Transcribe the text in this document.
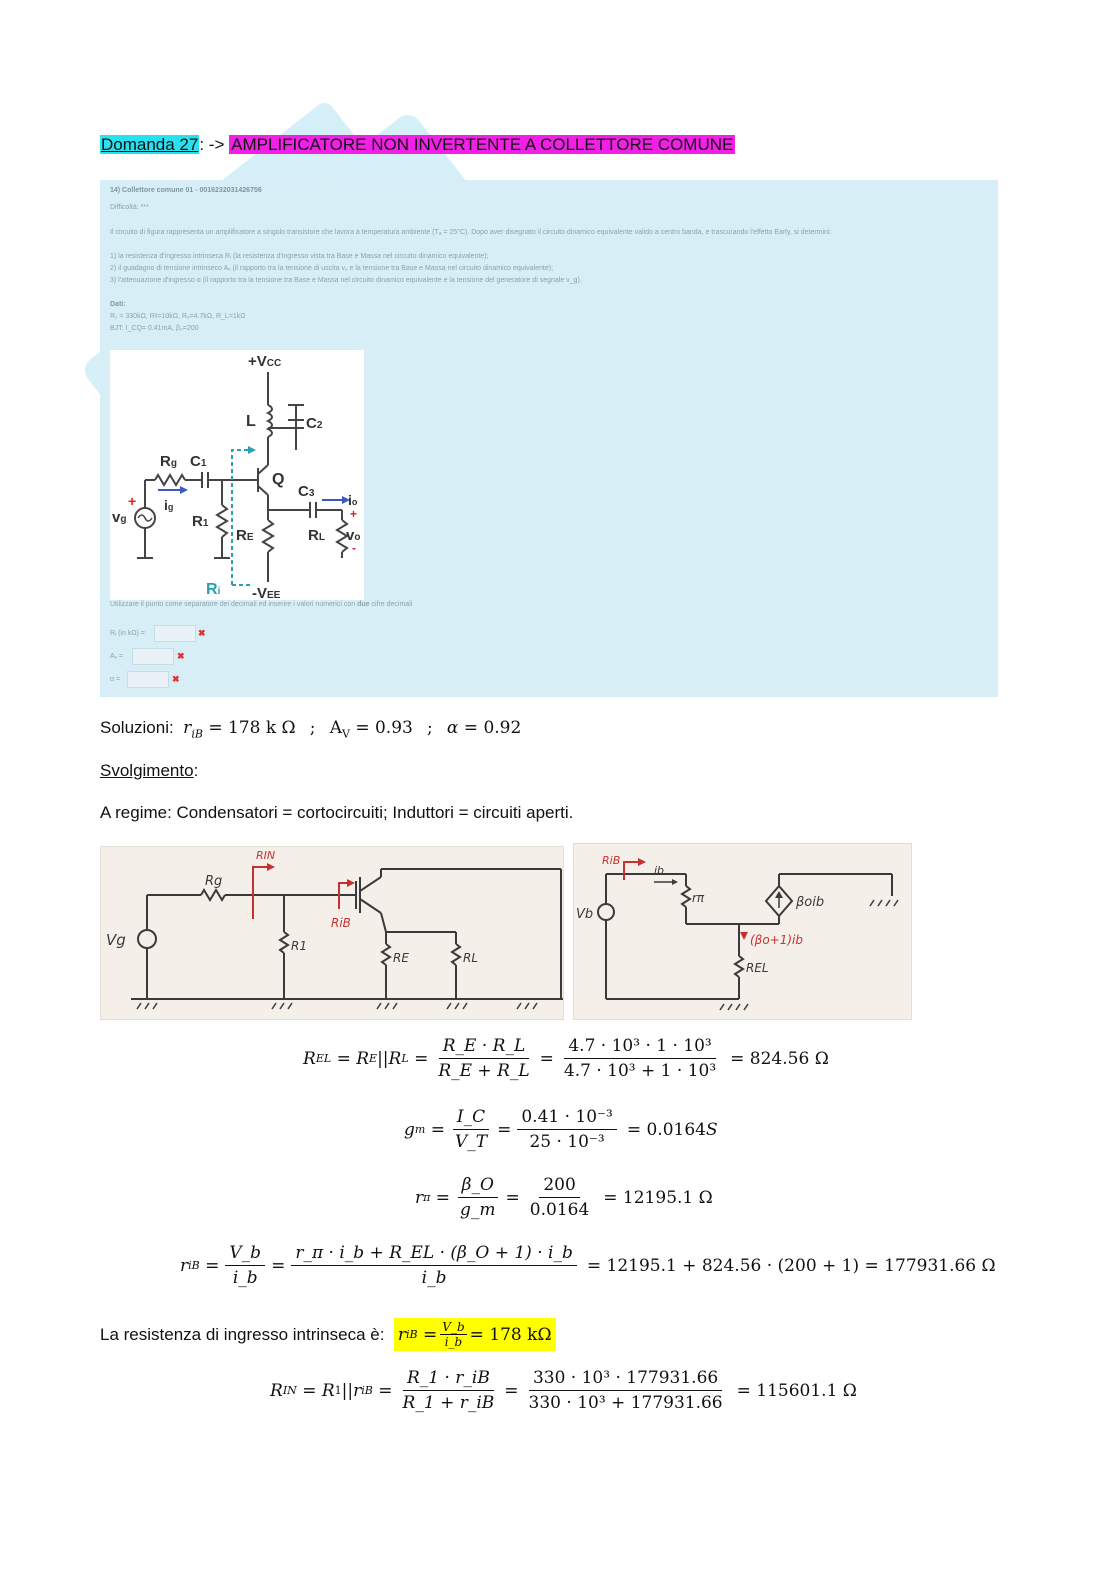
Domanda 27: -> AMPLIFICATORE NON INVERTENTE A COLLETTORE COMUNE
14) Collettore comune 01 - 0016232031426756
Difficoltà: ***
Il circuito di figura rappresenta un amplificatore a singolo transistore che lavora a temperatura ambiente (Tₐ = 25°C). Dopo aver disegnato il circuito dinamico equivalente valido a centro banda, e trascurando l'effetto Early, si determini:
1) la resistenza d'ingresso intrinseca Rᵢ (la resistenza d'ingresso vista tra Base e Massa nel circuito dinamico equivalente);
2) il guadagno di tensione intrinseco Aᵥ (il rapporto tra la tensione di uscita vₒ e la tensione tra Base e Massa nel circuito dinamico equivalente);
3) l'attenuazione d'ingresso α (il rapporto tra la tensione tra Base e Massa nel circuito dinamico equivalente e la tensione del generatore di segnale v_g).
Dati:
R₁ = 330kΩ, Rᵍ=10kΩ, Rₑ=4.7kΩ, R_L=1kΩ
BJT: I_CQ= 0.41mA, β₀=200
+VCC
L	C2
Rg C1
Q
C3 io
ig
vg	R1
RE	RL vo
-VEE
Ri
+
+
-
Utilizzare il punto come separatore dei decimali ed inserire i valori numerici con due cifre decimali
Rᵢ (in kΩ) =	✖
Aᵥ =	✖
α =	✖
Soluzioni: $r_{iB} = 178$ k Ω ; $A_V = 0.93$ ; α = 0.92
Svolgimento:
A regime: Condensatori = cortocircuiti; Induttori = circuiti aperti.
Vg
Rg
R1
RE	RL
RIN
RiB
Vb
ib
rπ	βoib
REL
RiB
(βo+1)ib
R EL
=
R E || R L
= $\frac{R\_E \cdot R\_L}{R\_E + R\_L} = \frac{\text{4.7 · 10³ · 1 · 10³}}{\text{4.7 · 10³ + 1 · 10³}} = 824.56$ Ω
g m
= $\frac{I\_C}{V\_T} = \frac{\text{0.41 · 10⁻³}}{\text{25 · 10⁻³}} = 0.0164$ S
r π
= $\frac{\beta\_O}{g\_m} = \frac{200}{0.0164} = 12195.1$ Ω
r iB
= $\frac{V\_b}{i\_b} = \frac{r\_\pi \cdot i\_b + R\_EL \cdot (\beta\_O + 1) \cdot i\_b}{i\_b} = 12195.1 + 824.56 \cdot (200 + 1) = 177931.66$ Ω
La resistenza di ingresso intrinseca è:
r iB
= $\frac{V\_b}{i\_b} = 178$ kΩ
R IN
=
R 1 || r iB
= $\frac{R\_1 \cdot r\_iB}{R\_1 + r\_iB} = \frac{\text{330 · 10³ · 177931.66}}{\text{330 · 10³ + 177931.66}} = 115601.1$ Ω
